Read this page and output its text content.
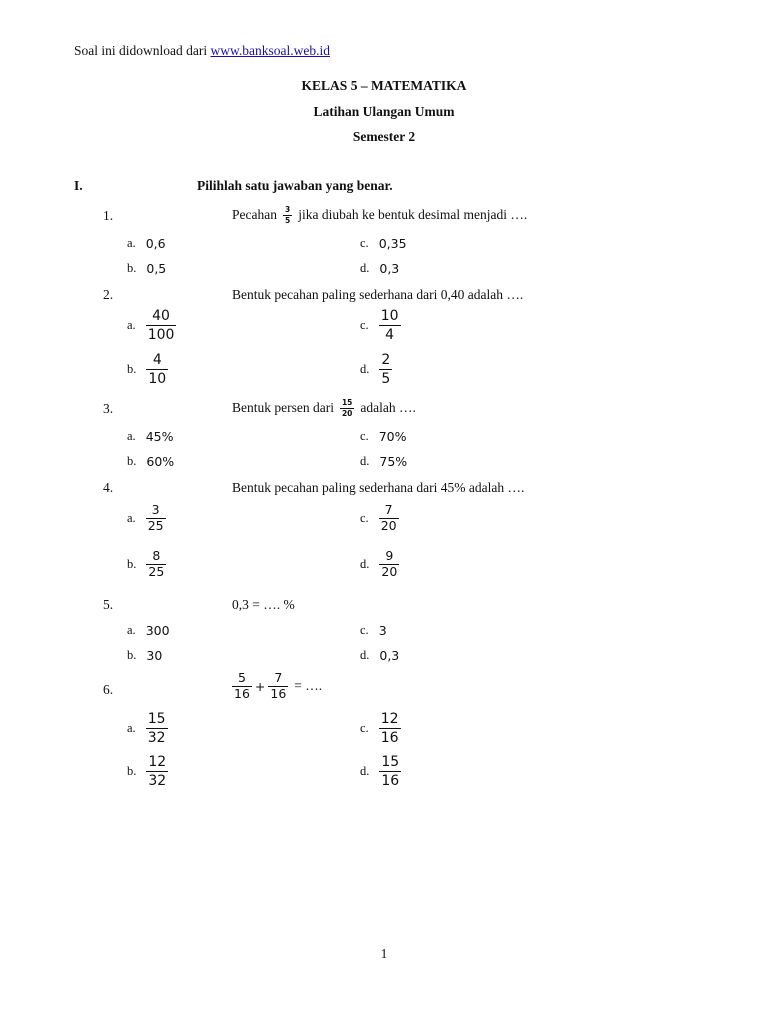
Soal ini didownload dari www.banksoal.web.id
KELAS 5 – MATEMATIKA
Latihan Ulangan Umum
Semester 2
I.	Pilihlah satu jawaban yang benar.
1.	Pecahan $\frac{3}{5}$ jika diubah ke bentuk desimal menjadi ….
a. 0,6
b. 0,5
c. 0,35
d. 0,3
2.	Bentuk pecahan paling sederhana dari 0,40 adalah ….
a. $\frac{40}{100}$
b. $\frac{4}{10}$
c. $\frac{10}{4}$
d. $\frac{2}{5}$
3.	Bentuk persen dari $\frac{15}{20}$ adalah ….
a. 45%
b. 60%
c. 70%
d. 75%
4.	Bentuk pecahan paling sederhana dari 45% adalah ….
a. $\frac{3}{25}$
b. $\frac{8}{25}$
c. $\frac{7}{20}$
d. $\frac{9}{20}$
5.	0,3 = …. %
a. 300
b. 30
c. 3
d. 0,3
6.	$\frac{5}{16} + \frac{7}{16}$ = ….
a. $\frac{15}{32}$
b. $\frac{12}{32}$
c. $\frac{12}{16}$
d. $\frac{15}{16}$
1
